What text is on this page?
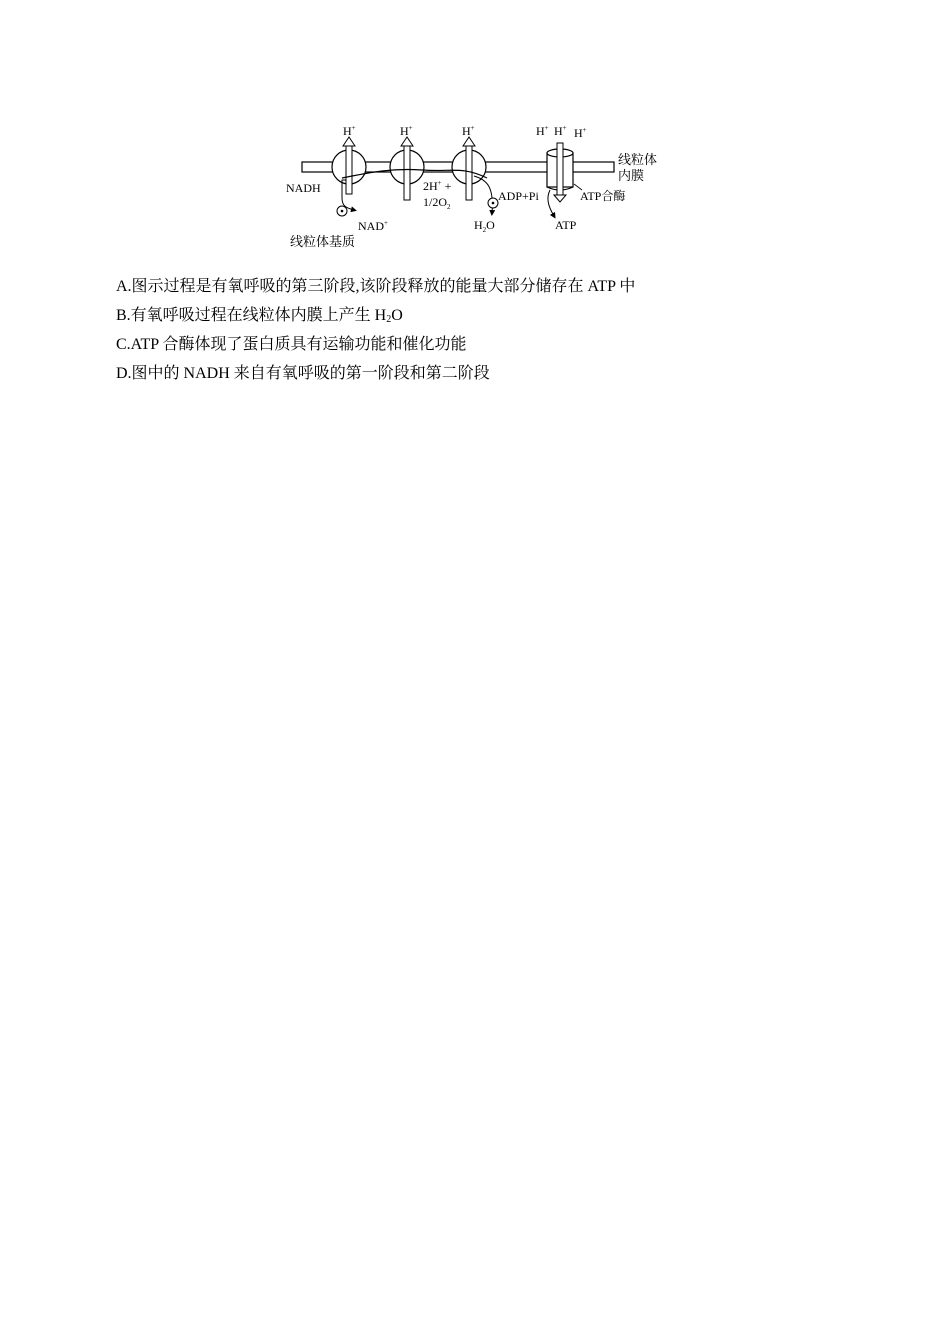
H+	H+	H+	H+ H+ H+
线粒体
内膜
NADH
NAD+
线粒体基质
2H+ +
$1/2O_2$
$H_2O$
ADP+Pi	ATP合酶
ATP
A.图示过程是有氧呼吸的第三阶段,该阶段释放的能量大部分储存在 ATP 中
B.有氧呼吸过程在线粒体内膜上产生 $H_2O$
C.ATP 合酶体现了蛋白质具有运输功能和催化功能
D.图中的 NADH 来自有氧呼吸的第一阶段和第二阶段
